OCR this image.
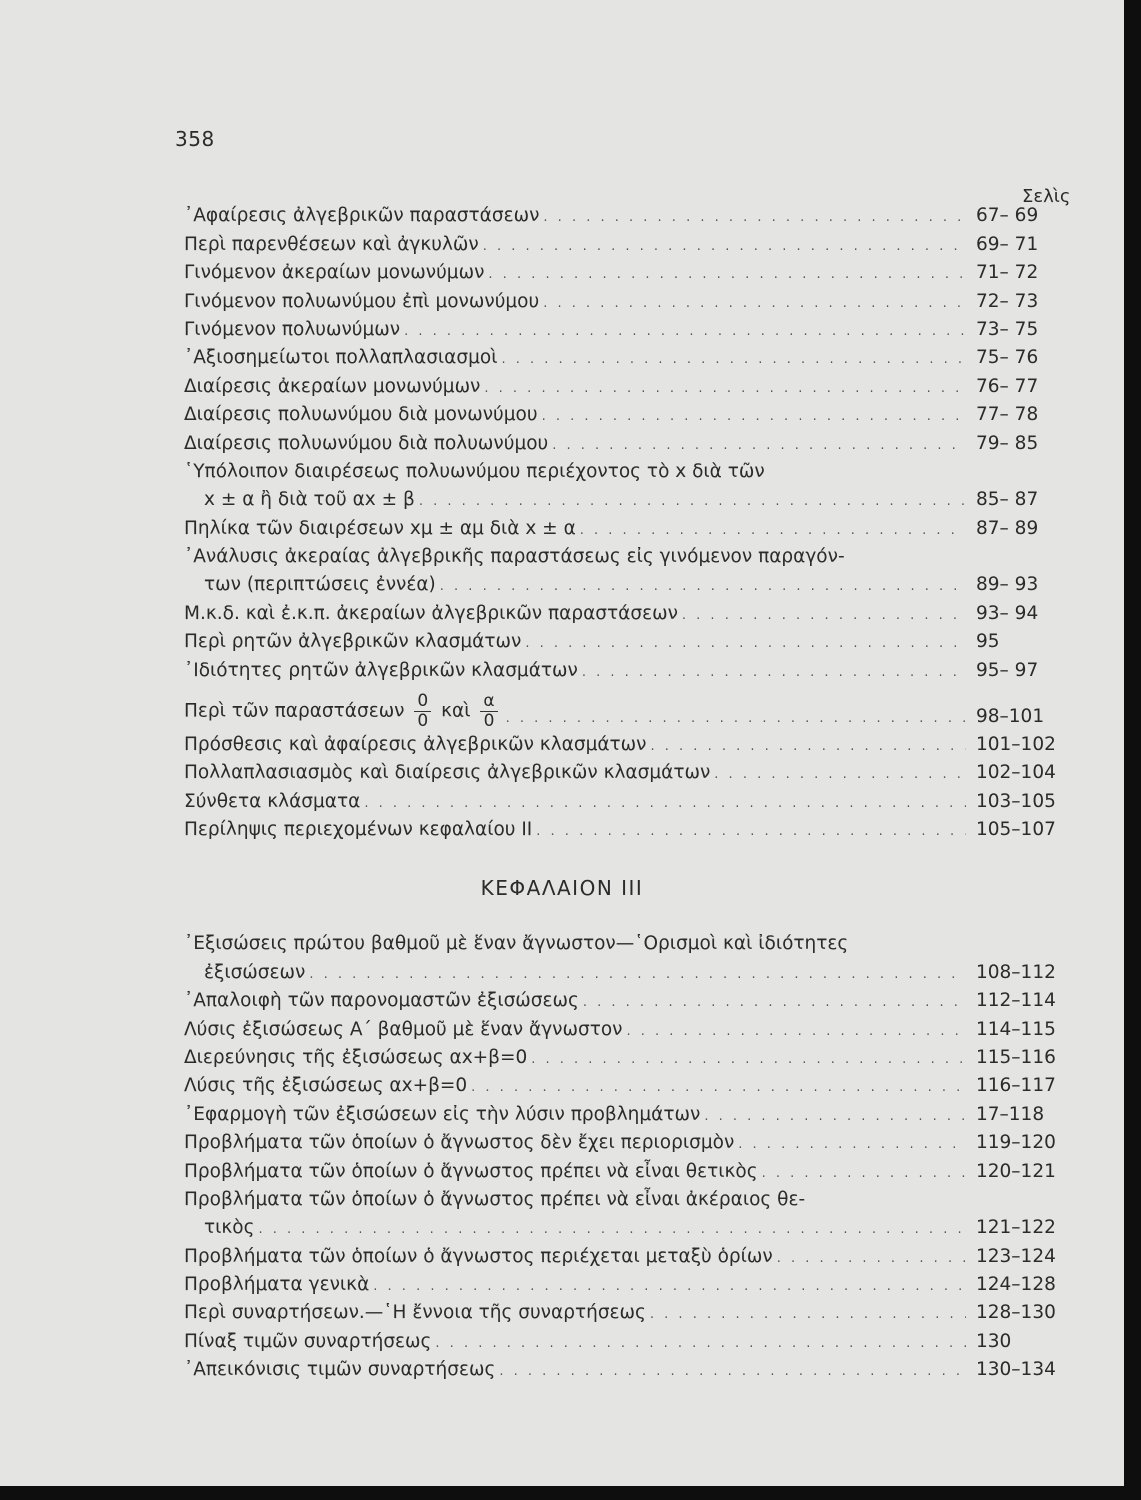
358
Σελὶς
᾿Αφαίρεσις ἀλγεβρικῶν παραστάσεων . . .	67– 69
Περὶ παρενθέσεων καὶ ἀγκυλῶν . . .	69– 71
Γινόμενον ἀκεραίων μονωνύμων . . .	71– 72
Γινόμενον πολυωνύμου ἐπὶ μονωνύμου . . .	72– 73
Γινόμενον πολυωνύμων . . .	73– 75
᾿Αξιοσημείωτοι πολλαπλασιασμοὶ . . .	75– 76
Διαίρεσις ἀκεραίων μονωνύμων . . .	76– 77
Διαίρεσις πολυωνύμου διὰ μονωνύμου . . .	77– 78
Διαίρεσις πολυωνύμου διὰ πολυωνύμου . . .	79– 85
῾Υπόλοιπον διαιρέσεως πολυωνύμου περιέχοντος τὸ x διὰ τῶν
x ± α ἢ διὰ τοῦ αx ± β . . .	85– 87
Πηλίκα τῶν διαιρέσεων xμ ± αμ διὰ x ± α . . .	87– 89
᾿Ανάλυσις ἀκεραίας ἀλγεβρικῆς παραστάσεως εἰς γινόμενον παραγόν-
των (περιπτώσεις ἐννέα) . . .	89– 93
Μ.κ.δ. καὶ ἐ.κ.π. ἀκεραίων ἀλγεβρικῶν παραστάσεων . . .	93– 94
Περὶ ρητῶν ἀλγεβρικῶν κλασμάτων . . .	95
᾿Ιδιότητες ρητῶν ἀλγεβρικῶν κλασμάτων . . .	95– 97
Περὶ τῶν παραστάσεων $\frac{0}{0}$ καὶ $\frac{\alpha}{0}$ . . .	98–101
Πρόσθεσις καὶ ἀφαίρεσις ἀλγεβρικῶν κλασμάτων . . .	101–102
Πολλαπλασιασμὸς καὶ διαίρεσις ἀλγεβρικῶν κλασμάτων . . .	102–104
Σύνθετα κλάσματα . . .	103–105
Περίληψις περιεχομένων κεφαλαίου ΙΙ . . .	105–107
ΚΕΦΑΛΑΙΟΝ ΙΙΙ
᾿Εξισώσεις πρώτου βαθμοῦ μὲ ἕναν ἄγνωστον—῾Ορισμοὶ καὶ ἰδιότητες
ἐξισώσεων . . .	108–112
᾿Απαλοιφὴ τῶν παρονομαστῶν ἐξισώσεως . . .	112–114
Λύσις ἐξισώσεως Α΄ βαθμοῦ μὲ ἕναν ἄγνωστον . . .	114–115
Διερεύνησις τῆς ἐξισώσεως αx+β=0 . . .	115–116
Λύσις τῆς ἐξισώσεως αx+β=0 . . .	116–117
᾿Εφαρμογὴ τῶν ἐξισώσεων εἰς τὴν λύσιν προβλημάτων . . .	17–118
Προβλήματα τῶν ὁποίων ὁ ἄγνωστος δὲν ἔχει περιορισμὸν . . .	119–120
Προβλήματα τῶν ὁποίων ὁ ἄγνωστος πρέπει νὰ εἶναι θετικὸς . . .	120–121
Προβλήματα τῶν ὁποίων ὁ ἄγνωστος πρέπει νὰ εἶναι ἀκέραιος θε-
τικὸς . . .	121–122
Προβλήματα τῶν ὁποίων ὁ ἄγνωστος περιέχεται μεταξὺ ὁρίων . . .	123–124
Προβλήματα γενικὰ . . .	124–128
Περὶ συναρτήσεων.—῾Η ἔννοια τῆς συναρτήσεως . . .	128–130
Πίναξ τιμῶν συναρτήσεως . . .	130
᾿Απεικόνισις τιμῶν συναρτήσεως . . .	130–134
